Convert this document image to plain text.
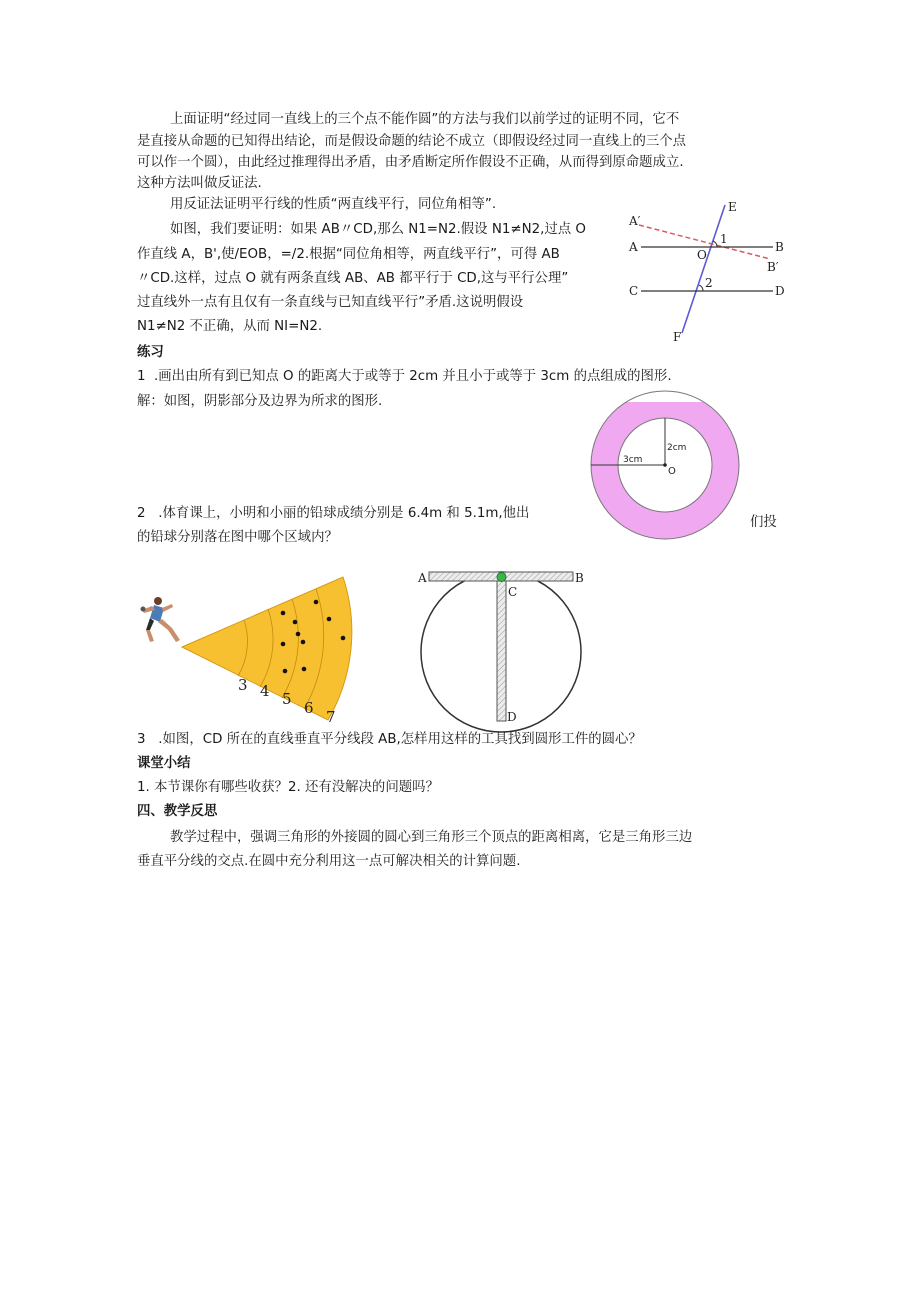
上面证明“经过同一直线上的三个点不能作圆”的方法与我们以前学过的证明不同，它不
是直接从命题的已知得出结论，而是假设命题的结论不成立（即假设经过同一直线上的三个点
可以作一个圆），由此经过推理得出矛盾，由矛盾断定所作假设不正确，从而得到原命题成立.
这种方法叫做反证法.
用反证法证明平行线的性质“两直线平行，同位角相等”.
如图，我们要证明：如果 AB〃CD,那么 N1=N2.假设 N1≠N2,过点 O
作直线 A，B',使/EOB，=/2.根据“同位角相等，两直线平行”，可得 AB
〃CD.这样，过点 O 就有两条直线 AB、AB 都平行于 CD,这与平行公理”
过直线外一点有且仅有一条直线与已知直线平行”矛盾.这说明假设
N1≠N2 不正确，从而 NI=N2.
A′
E
A
1
B
O
B′
C
2
D
F
练习
1  .画出由所有到已知点 O 的距离大于或等于 2cm 并且小于或等于 3cm 的点组成的图形.
解：如图，阴影部分及边界为所求的图形.
2cm
3cm
O
2   .体育课上，小明和小丽的铅球成绩分别是 6.4m 和 5.1m,他出
们投
的铅球分别落在图中哪个区域内？
3 4 5 6 7
A	B
C
D
3   .如图，CD 所在的直线垂直平分线段 AB,怎样用这样的工具找到圆形工件的圆心？
课堂小结
1. 本节课你有哪些收获？2. 还有没解决的问题吗？
四、教学反思
教学过程中，强调三角形的外接圆的圆心到三角形三个顶点的距离相离，它是三角形三边
垂直平分线的交点.在圆中充分利用这一点可解决相关的计算问题.
